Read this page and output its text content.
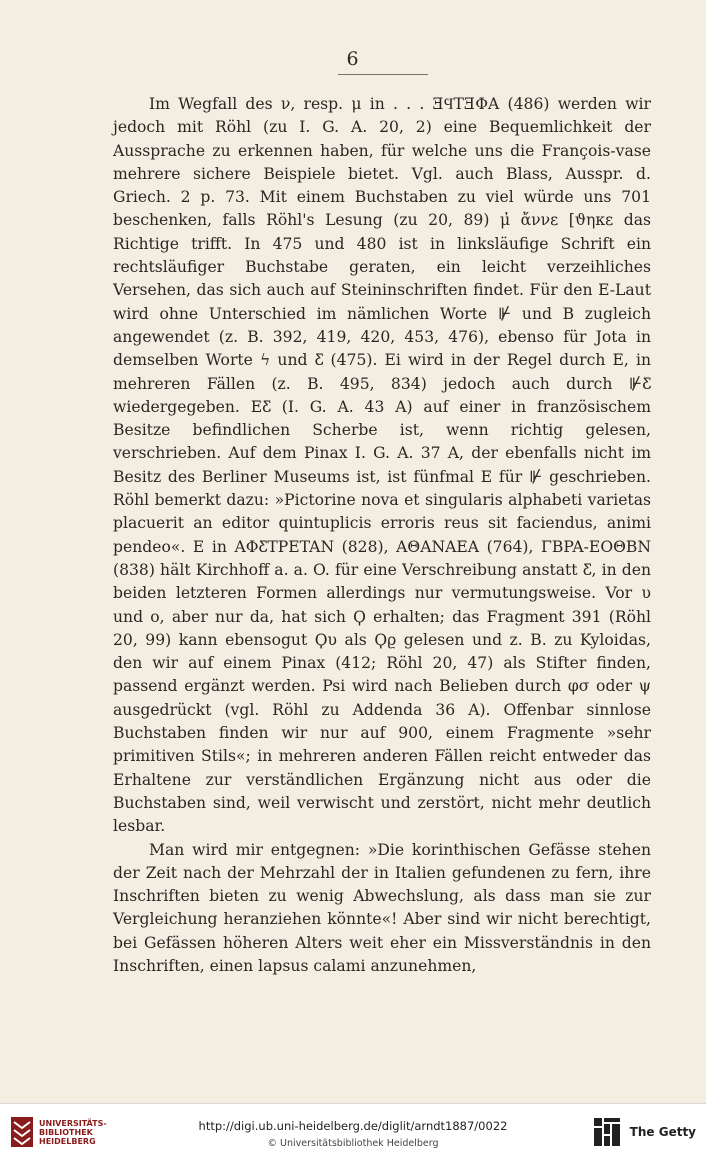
6

Im Wegfall des ν, resp. μ in . . . ƎϤTƎΦA (486) werden wir jedoch mit Röhl (zu I. G. A. 20, 2) eine Bequemlichkeit der Aussprache zu erkennen haben, für welche uns die François-vase mehrere sichere Beispiele bietet. Vgl. auch Blass, Ausspr. d. Griech. 2 p. 73. Mit einem Buchstaben zu viel würde uns 701 beschenken, falls Röhl's Lesung (zu 20, 89) μ̓ ἄννε [ϑηκε das Richtige trifft. In 475 und 480 ist in linksläufige Schrift ein rechtsläufiger Buchstabe geraten, ein leicht verzeihliches Versehen, das sich auch auf Steininschriften findet. Für den E-Laut wird ohne Unterschied im nämlichen Worte ⊮ und B zugleich angewendet (z. B. 392, 419, 420, 453, 476), ebenso für Jota in demselben Worte ϟ und Ƹ (475). Ei wird in der Regel durch E, in mehreren Fällen (z. B. 495, 834) jedoch auch durch ⊮Ƹ wiedergegeben. EƸ (I. G. A. 43 A) auf einer in französischem Besitze befindlichen Scherbe ist, wenn richtig gelesen, verschrieben. Auf dem Pinax I. G. A. 37 A, der ebenfalls nicht im Besitz des Berliner Museums ist, ist fünfmal E für ⊮ geschrieben. Röhl bemerkt dazu: »Pictorine nova et singularis alphabeti varietas placuerit an editor quintuplicis erroris reus sit faciendus, animi pendeo«. E in AΦƸTPETAΝ (828), AΘAΝAEA (764), ΓBPA-EOΘBΝ (838) hält Kirchhoff a. a. O. für eine Verschreibung anstatt Ƹ, in den beiden letzteren Formen allerdings nur vermutungsweise. Vor υ und ο, aber nur da, hat sich Ϙ erhalten; das Fragment 391 (Röhl 20, 99) kann ebensogut Ϙυ als Ϙϱ gelesen und z. B. zu Kyloidas, den wir auf einem Pinax (412; Röhl 20, 47) als Stifter finden, passend ergänzt werden. Psi wird nach Belieben durch φσ oder ψ ausgedrückt (vgl. Röhl zu Addenda 36 A). Offenbar sinnlose Buchstaben finden wir nur auf 900, einem Fragmente »sehr primitiven Stils«; in mehreren anderen Fällen reicht entweder das Erhaltene zur verständlichen Ergänzung nicht aus oder die Buchstaben sind, weil verwischt und zerstört, nicht mehr deutlich lesbar.

Man wird mir entgegnen: »Die korinthischen Gefässe stehen der Zeit nach der Mehrzahl der in Italien gefundenen zu fern, ihre Inschriften bieten zu wenig Abwechslung, als dass man sie zur Vergleichung heranziehen könnte«! Aber sind wir nicht berechtigt, bei Gefässen höheren Alters weit eher ein Missverständnis in den Inschriften, einen lapsus calami anzunehmen,

UNIVERSITÄTS-
BIBLIOTHEK
HEIDELBERG
http://digi.ub.uni-heidelberg.de/diglit/arndt1887/0022
© Universitätsbibliothek Heidelberg
The Getty
